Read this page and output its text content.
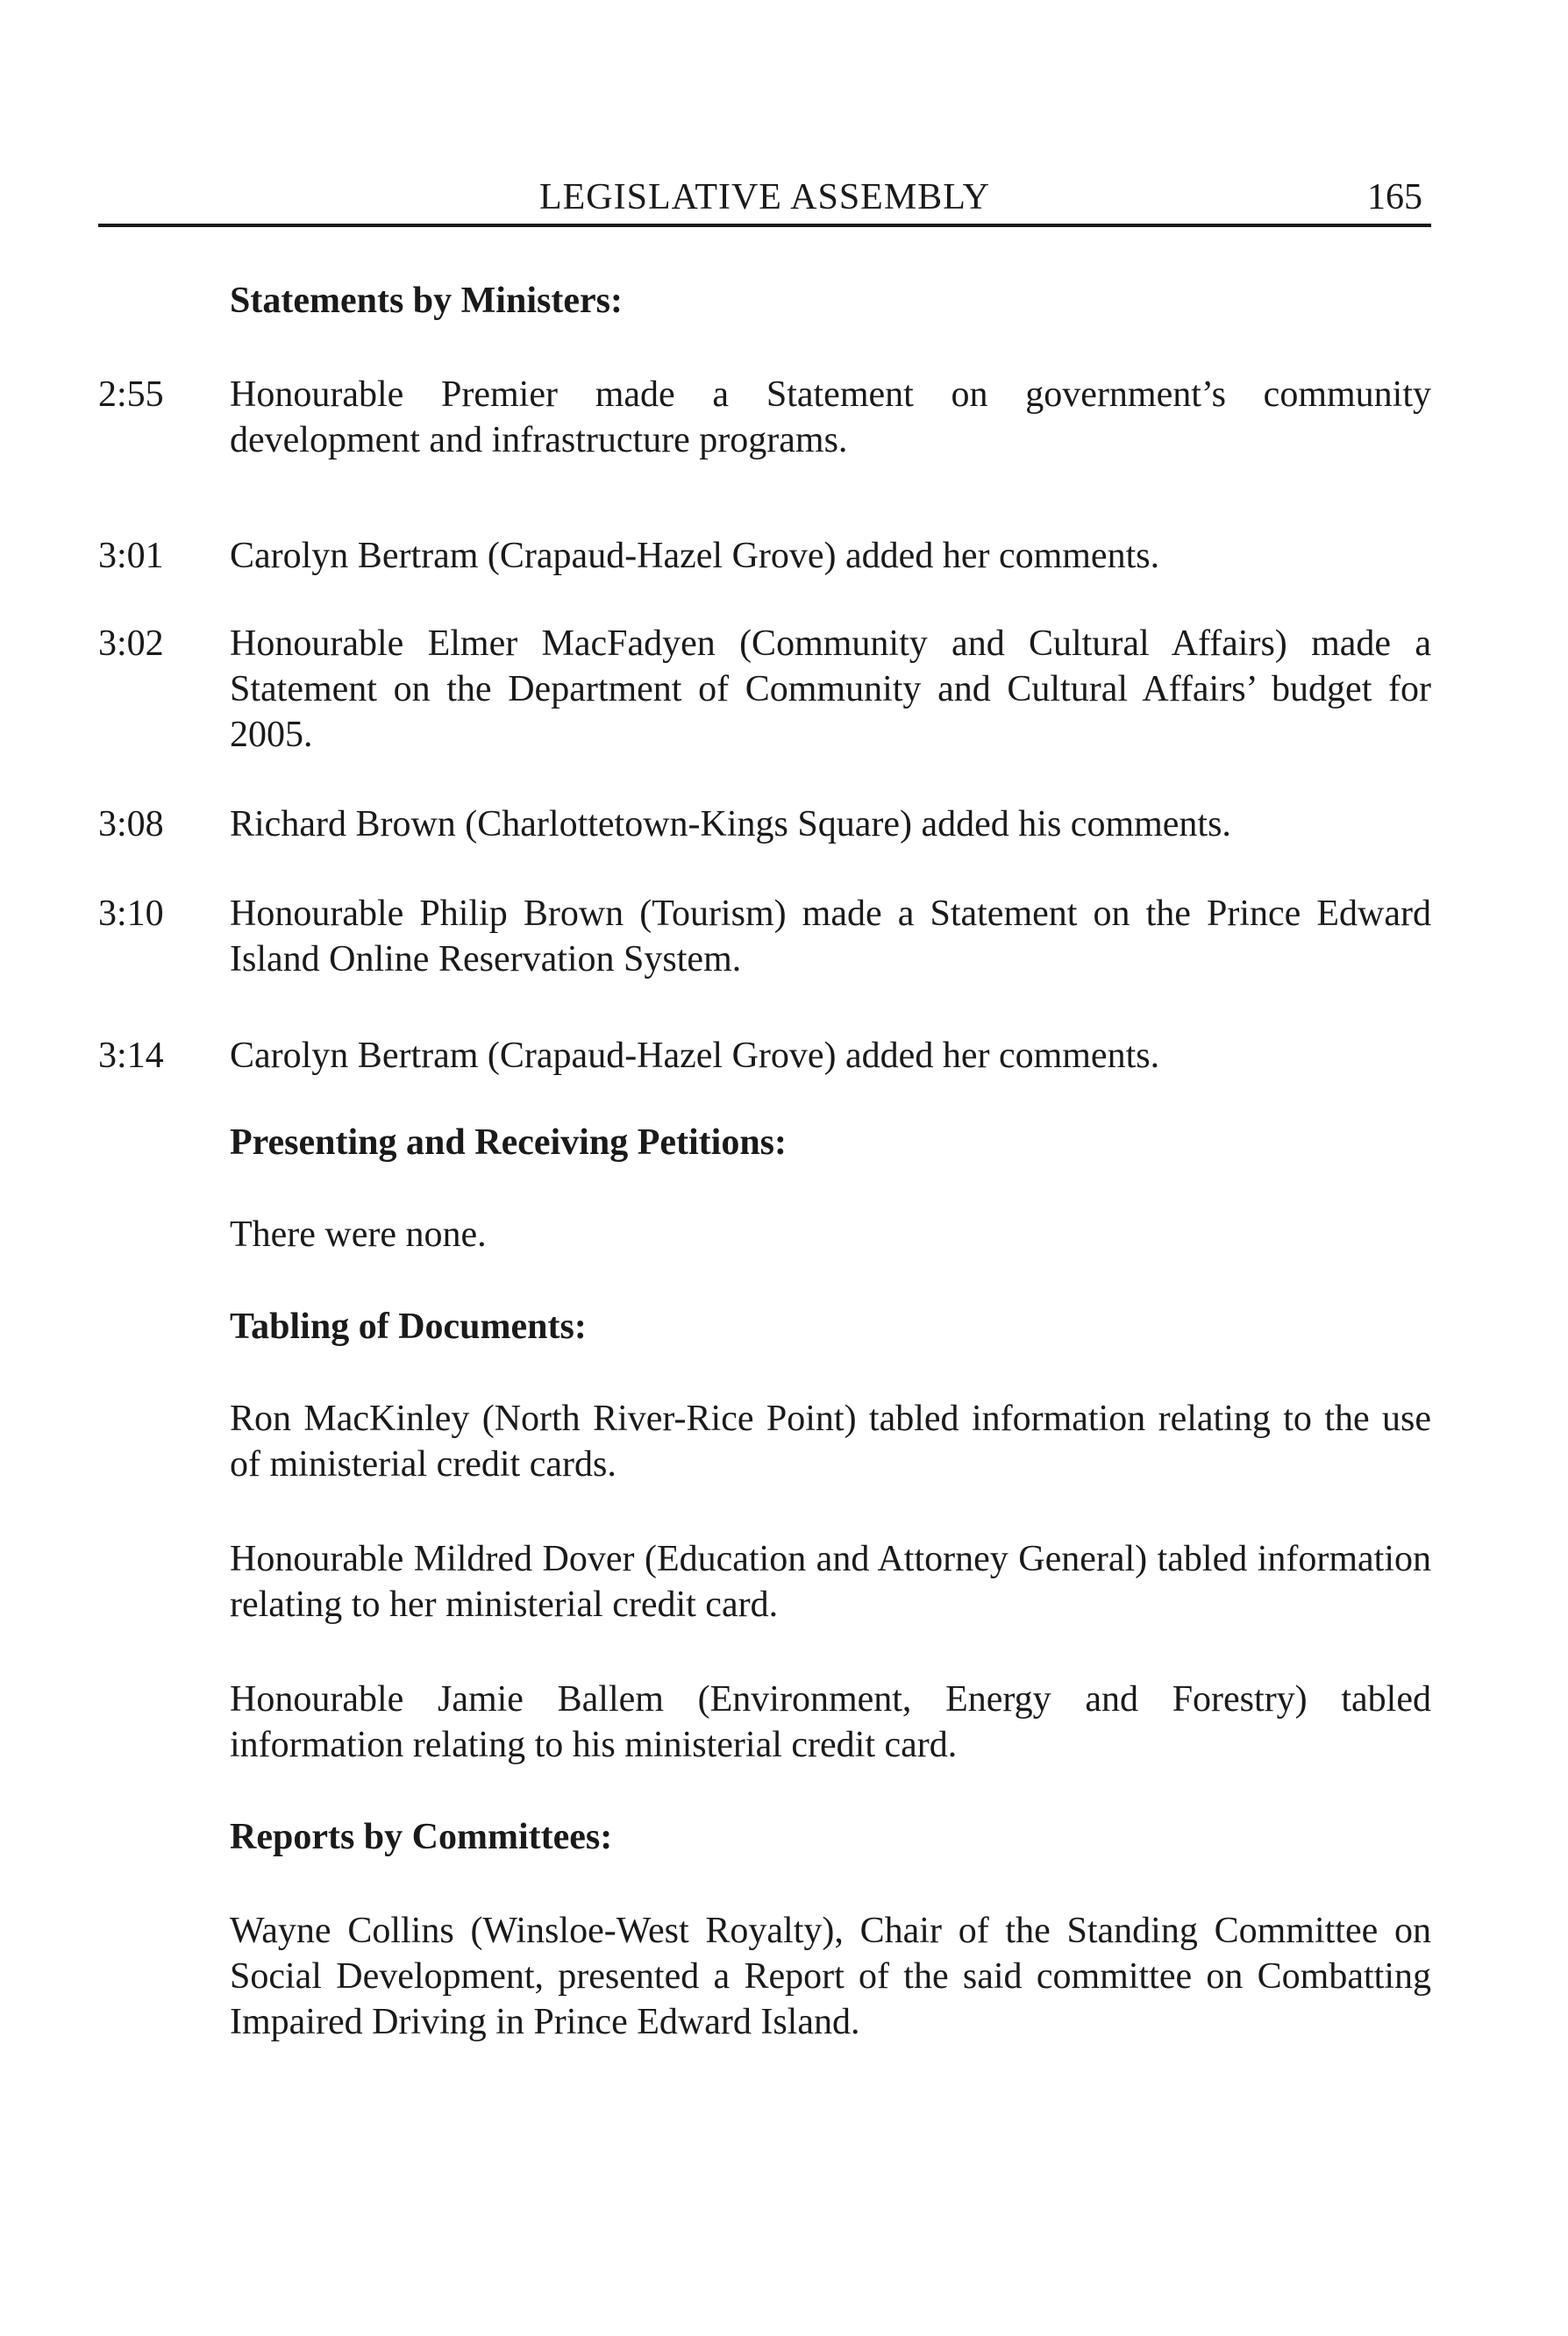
LEGISLATIVE ASSEMBLY	165
Statements by Ministers:
2:55 Honourable Premier made a Statement on government’s community development and infrastructure programs.
3:01 Carolyn Bertram (Crapaud-Hazel Grove) added her comments.
3:02 Honourable Elmer MacFadyen (Community and Cultural Affairs) made a Statement on the Department of Community and Cultural Affairs’ budget for 2005.
3:08 Richard Brown (Charlottetown-Kings Square) added his comments.
3:10 Honourable Philip Brown (Tourism) made a Statement on the Prince Edward Island Online Reservation System.
3:14 Carolyn Bertram (Crapaud-Hazel Grove) added her comments.
Presenting and Receiving Petitions:
There were none.
Tabling of Documents:
Ron MacKinley (North River-Rice Point) tabled information relating to the use of ministerial credit cards.
Honourable Mildred Dover (Education and Attorney General) tabled information relating to her ministerial credit card.
Honourable Jamie Ballem (Environment, Energy and Forestry) tabled information relating to his ministerial credit card.
Reports by Committees:
Wayne Collins (Winsloe-West Royalty), Chair of the Standing Committee on Social Development, presented a Report of the said committee on Combatting Impaired Driving in Prince Edward Island.
